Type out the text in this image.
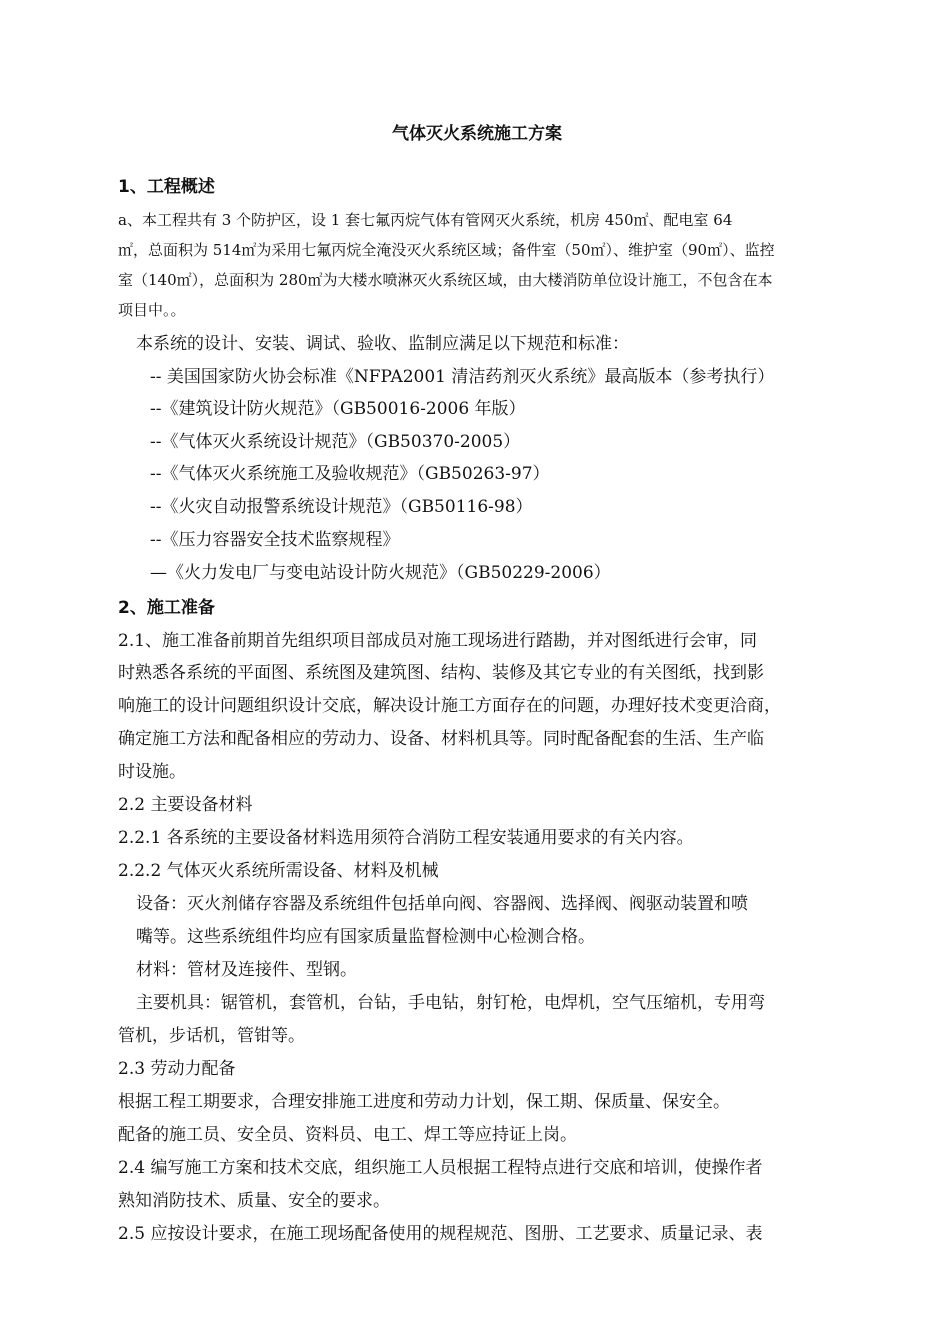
气体灭火系统施工方案
1、工程概述
a、本工程共有 3 个防护区，设 1 套七氟丙烷气体有管网灭火系统，机房 450㎡、配电室 64
㎡，总面积为 514㎡为采用七氟丙烷全淹没灭火系统区域；备件室（50㎡）、维护室（90㎡）、监控
室（140㎡），总面积为 280㎡为大楼水喷淋灭火系统区域，由大楼消防单位设计施工，不包含在本
项目中。。
本系统的设计、安装、调试、验收、监制应满足以下规范和标准：
-- 美国国家防火协会标准《NFPA2001 清洁药剂灭火系统》最高版本（参考执行）
--《建筑设计防火规范》（GB50016-2006 年版）
--《气体灭火系统设计规范》（GB50370-2005）
--《气体灭火系统施工及验收规范》（GB50263-97）
--《火灾自动报警系统设计规范》（GB50116-98）
--《压力容器安全技术监察规程》
—《火力发电厂与变电站设计防火规范》（GB50229-2006）
2、施工准备
2.1、施工准备前期首先组织项目部成员对施工现场进行踏勘，并对图纸进行会审，同
时熟悉各系统的平面图、系统图及建筑图、结构、装修及其它专业的有关图纸，找到影
响施工的设计问题组织设计交底，解决设计施工方面存在的问题，办理好技术变更洽商，
确定施工方法和配备相应的劳动力、设备、材料机具等。同时配备配套的生活、生产临
时设施。
2.2 主要设备材料
2.2.1 各系统的主要设备材料选用须符合消防工程安装通用要求的有关内容。
2.2.2 气体灭火系统所需设备、材料及机械
设备：灭火剂储存容器及系统组件包括单向阀、容器阀、选择阀、阀驱动装置和喷
嘴等。这些系统组件均应有国家质量监督检测中心检测合格。
材料：管材及连接件、型钢。
主要机具：锯管机，套管机，台钻，手电钻，射钉枪，电焊机，空气压缩机，专用弯
管机，步话机，管钳等。
2.3 劳动力配备
根据工程工期要求，合理安排施工进度和劳动力计划，保工期、保质量、保安全。
配备的施工员、安全员、资料员、电工、焊工等应持证上岗。
2.4 编写施工方案和技术交底，组织施工人员根据工程特点进行交底和培训，使操作者
熟知消防技术、质量、安全的要求。
2.5 应按设计要求，在施工现场配备使用的规程规范、图册、工艺要求、质量记录、表
